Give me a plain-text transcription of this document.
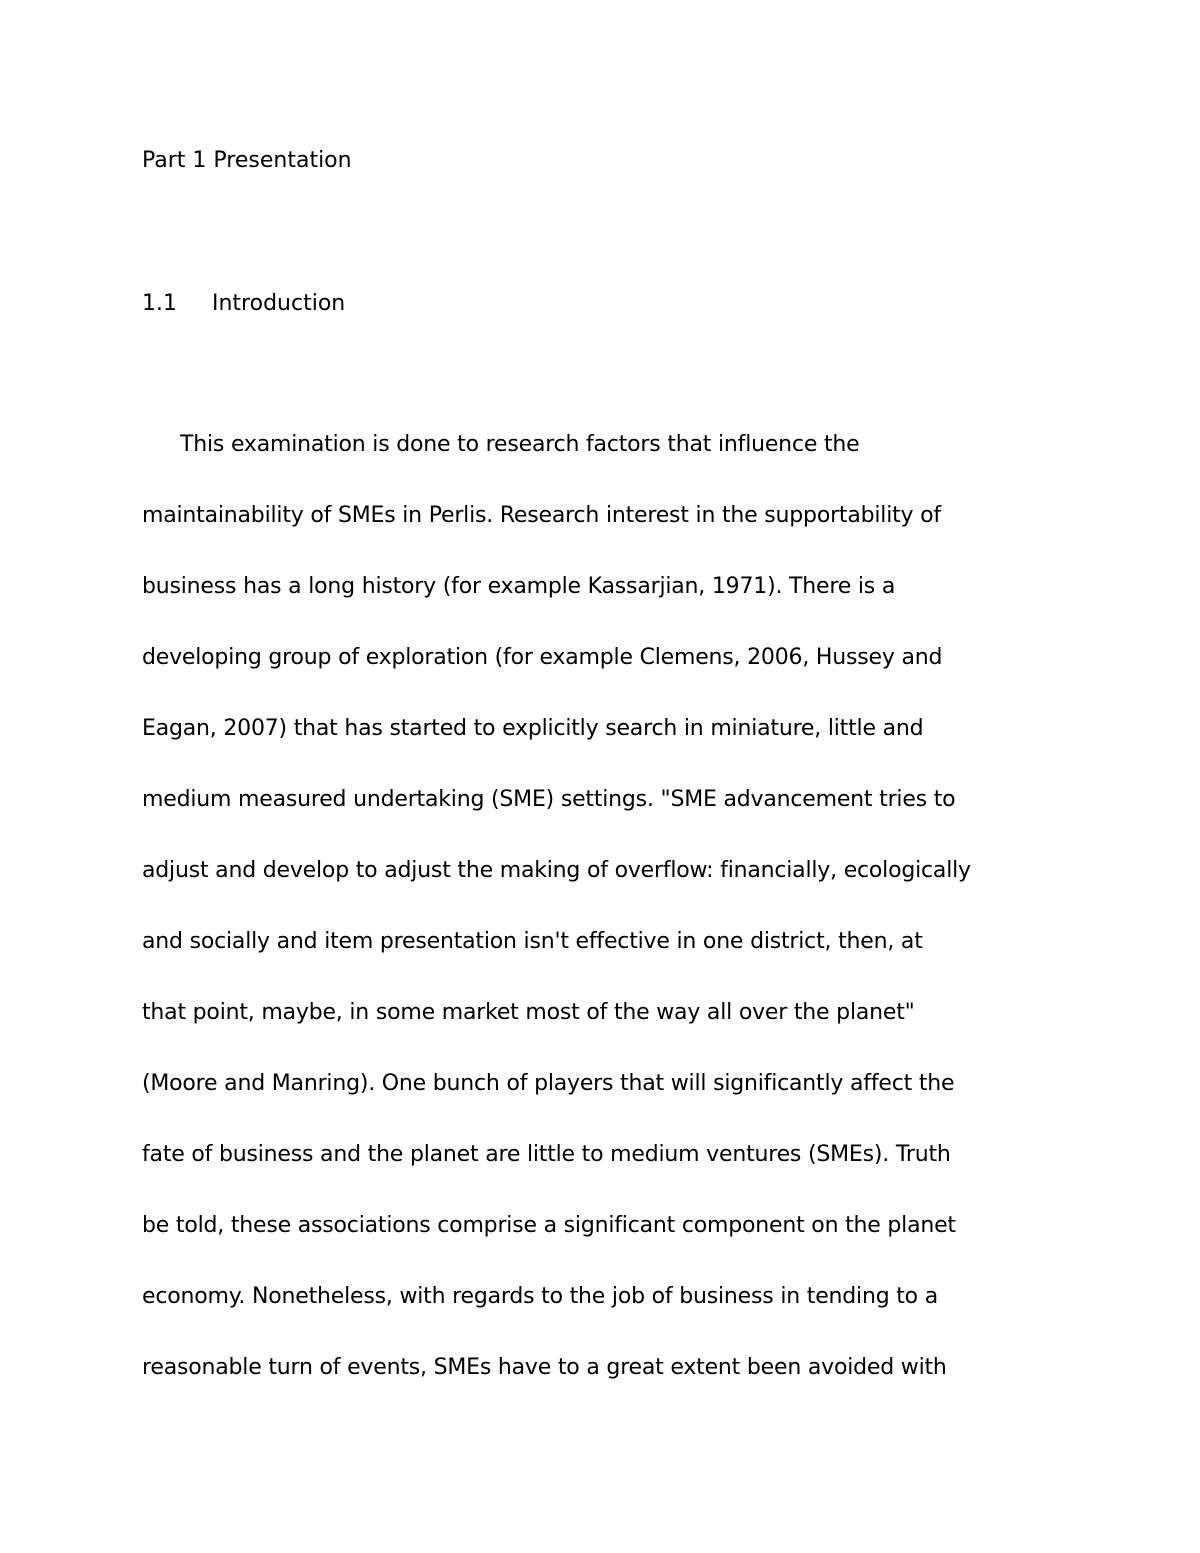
Part 1 Presentation
1.1 Introduction
This examination is done to research factors that influence the
maintainability of SMEs in Perlis. Research interest in the supportability of
business has a long history (for example Kassarjian, 1971). There is a
developing group of exploration (for example Clemens, 2006, Hussey and
Eagan, 2007) that has started to explicitly search in miniature, little and
medium measured undertaking (SME) settings. "SME advancement tries to
adjust and develop to adjust the making of overflow: financially, ecologically
and socially and item presentation isn't effective in one district, then, at
that point, maybe, in some market most of the way all over the planet"
(Moore and Manring). One bunch of players that will significantly affect the
fate of business and the planet are little to medium ventures (SMEs). Truth
be told, these associations comprise a significant component on the planet
economy. Nonetheless, with regards to the job of business in tending to a
reasonable turn of events, SMEs have to a great extent been avoided with
